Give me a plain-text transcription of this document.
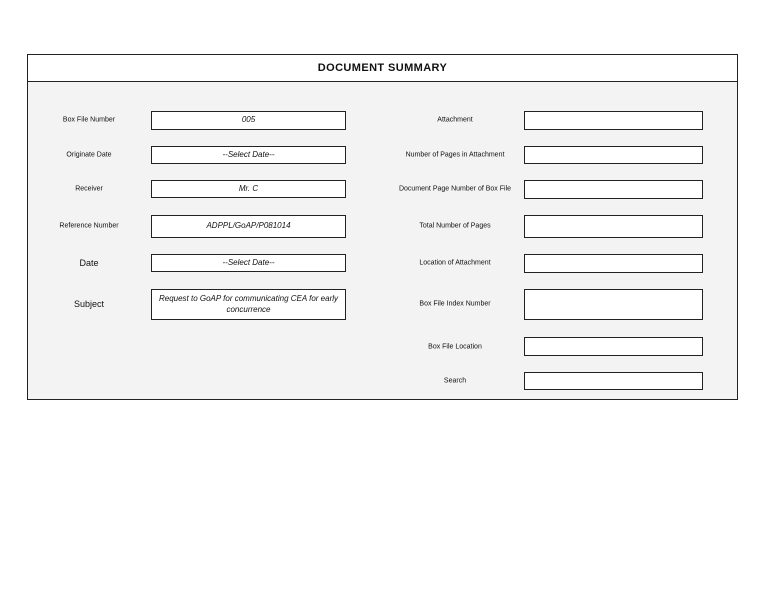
DOCUMENT SUMMARY
Box File Number
Originate Date
Receiver
Reference Number
Date
Subject
005
--Select Date--
Mr. C
ADPPL/GoAP/P081014
--Select Date--
Request to GoAP for communicating CEA for early concurrence
Attachment
Number of Pages in Attachment
Document Page Number of Box File
Total Number of Pages
Location of Attachment
Box File Index Number
Box File Location
Search
